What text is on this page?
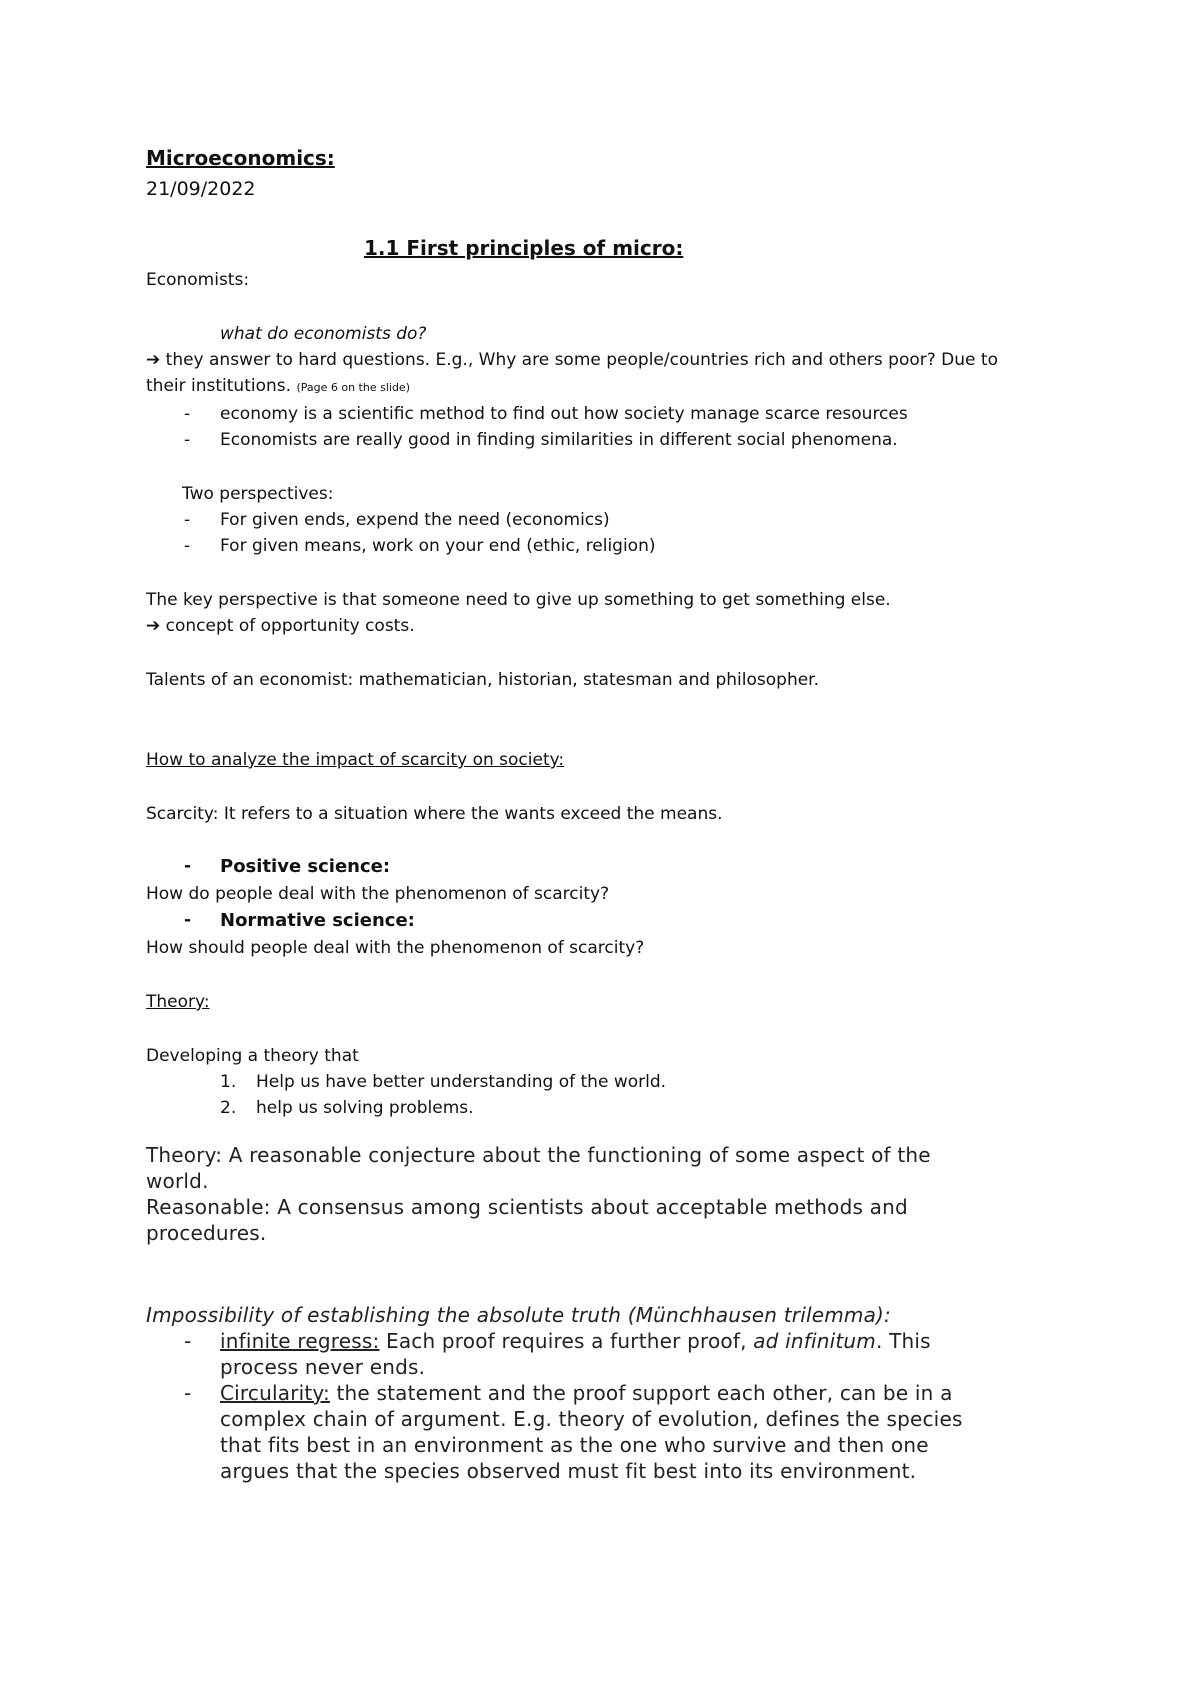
Microeconomics:
21/09/2022
1.1 First principles of micro:
Economists:
what do economists do?
➔ they answer to hard questions. E.g., Why are some people/countries rich and others poor? Due to
their institutions. (Page 6 on the slide)
- economy is a scientific method to find out how society manage scarce resources
- Economists are really good in finding similarities in different social phenomena.
Two perspectives:
- For given ends, expend the need (economics)
- For given means, work on your end (ethic, religion)
The key perspective is that someone need to give up something to get something else.
➔ concept of opportunity costs.
Talents of an economist: mathematician, historian, statesman and philosopher.
How to analyze the impact of scarcity on society:
Scarcity: It refers to a situation where the wants exceed the means.
- Positive science:
How do people deal with the phenomenon of scarcity?
- Normative science:
How should people deal with the phenomenon of scarcity?
Theory:
Developing a theory that
1. Help us have better understanding of the world.
2. help us solving problems.
Theory: A reasonable conjecture about the functioning of some aspect of the
world.
Reasonable: A consensus among scientists about acceptable methods and
procedures.
Impossibility of establishing the absolute truth (Münchhausen trilemma):
- infinite regress: Each proof requires a further proof, ad infinitum. This
process never ends.
- Circularity: the statement and the proof support each other, can be in a
complex chain of argument. E.g. theory of evolution, defines the species
that fits best in an environment as the one who survive and then one
argues that the species observed must fit best into its environment.
